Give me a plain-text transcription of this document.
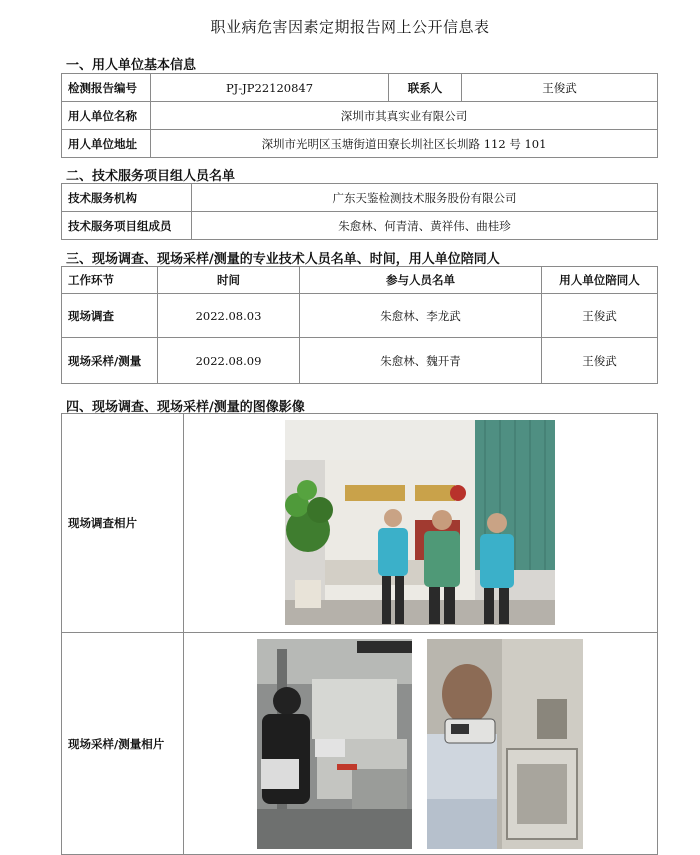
职业病危害因素定期报告网上公开信息表
一、用人单位基本信息
检测报告编号	PJ-JP22120847	联系人	王俊武
用人单位名称	深圳市其真实业有限公司		
用人单位地址	深圳市光明区玉塘街道田寮长圳社区长圳路 112 号 101		
二、技术服务项目组人员名单
技术服务机构	广东天鉴检测技术服务股份有限公司
技术服务项目组成员	朱愈林、何青清、黄祥伟、曲桂珍
三、现场调查、现场采样/测量的专业技术人员名单、时间，用人单位陪同人
工作环节	时间	参与人员名单	用人单位陪同人
现场调查	2022.08.03	朱愈林、李龙武	王俊武
现场采样/测量	2022.08.09	朱愈林、魏开青	王俊武
四、现场调查、现场采样/测量的图像影像
现场调查相片	
现场采样/测量相片	
